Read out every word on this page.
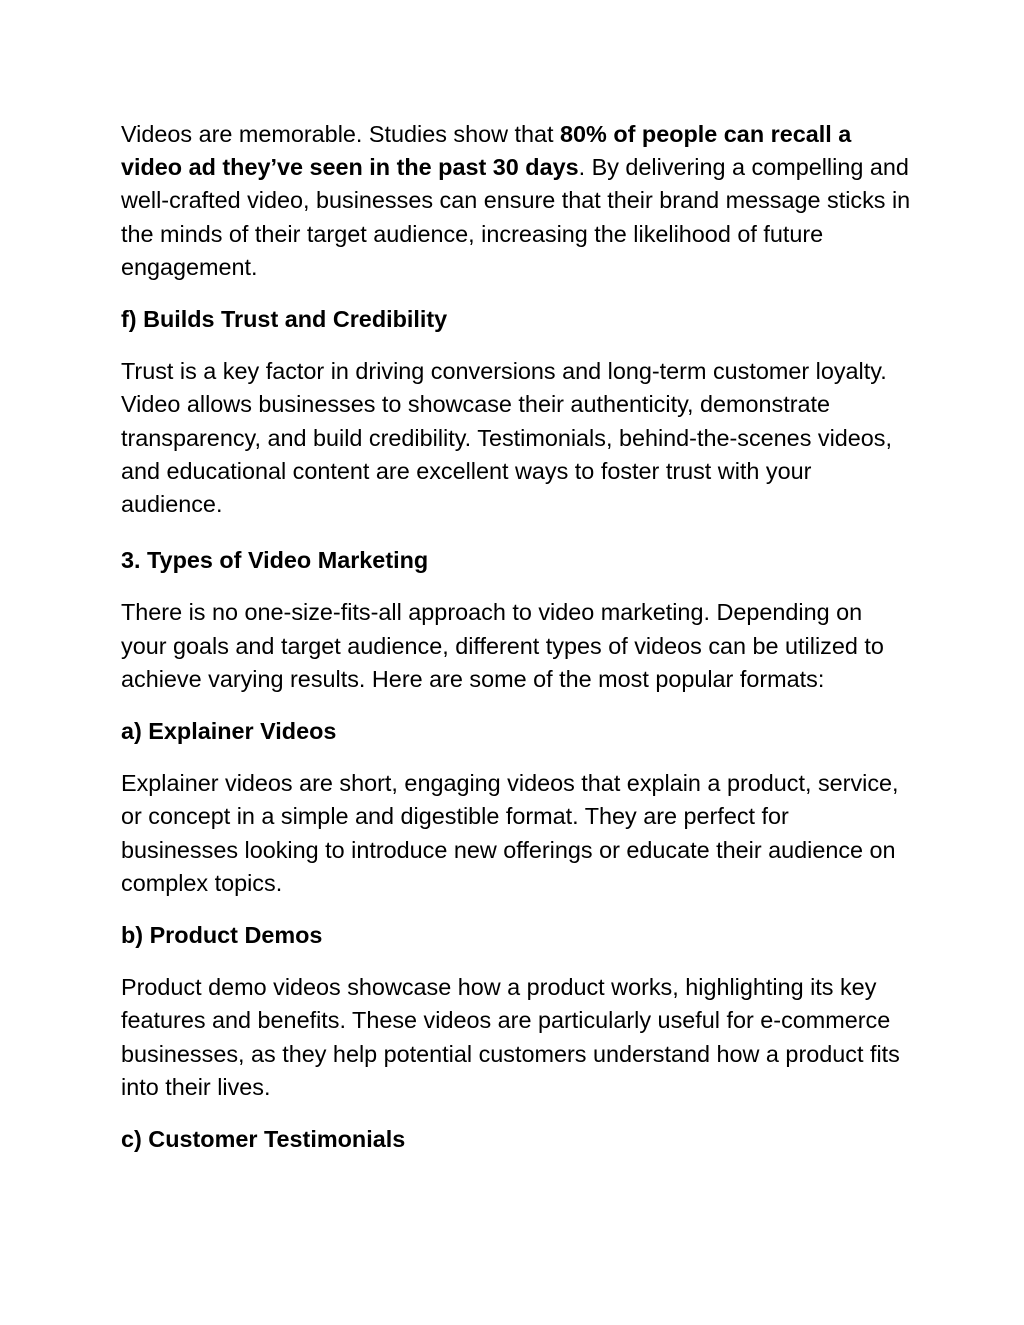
Videos are memorable. Studies show that 80% of people can recall a video ad they’ve seen in the past 30 days. By delivering a compelling and well-crafted video, businesses can ensure that their brand message sticks in the minds of their target audience, increasing the likelihood of future engagement.

f) Builds Trust and Credibility

Trust is a key factor in driving conversions and long-term customer loyalty. Video allows businesses to showcase their authenticity, demonstrate transparency, and build credibility. Testimonials, behind-the-scenes videos, and educational content are excellent ways to foster trust with your audience.

3. Types of Video Marketing

There is no one-size-fits-all approach to video marketing. Depending on your goals and target audience, different types of videos can be utilized to achieve varying results. Here are some of the most popular formats:

a) Explainer Videos

Explainer videos are short, engaging videos that explain a product, service, or concept in a simple and digestible format. They are perfect for businesses looking to introduce new offerings or educate their audience on complex topics.

b) Product Demos

Product demo videos showcase how a product works, highlighting its key features and benefits. These videos are particularly useful for e-commerce businesses, as they help potential customers understand how a product fits into their lives.

c) Customer Testimonials
